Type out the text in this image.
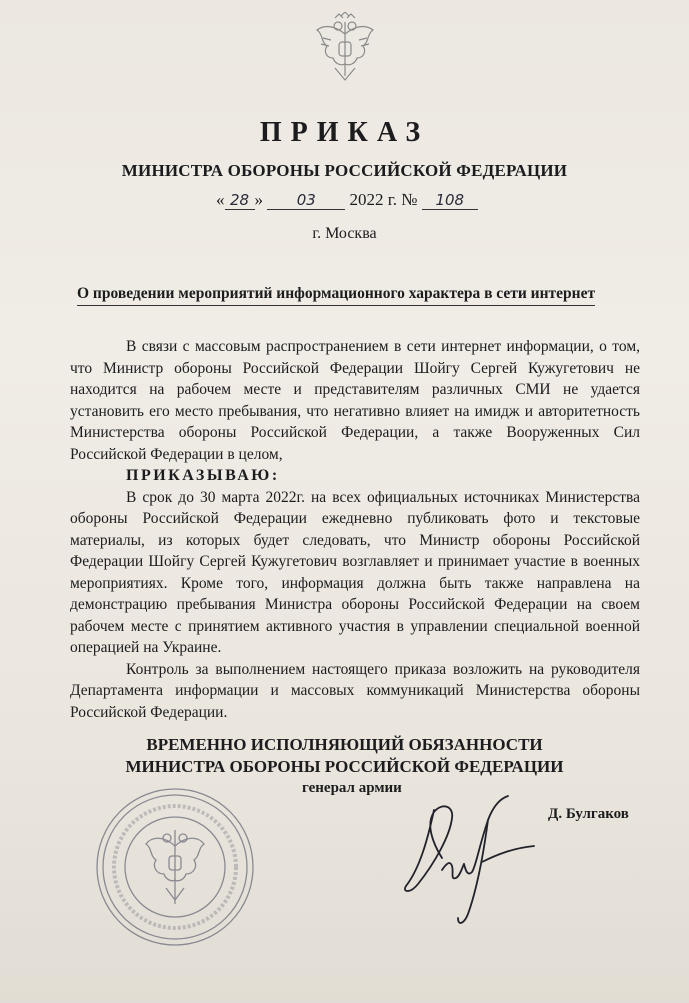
ПРИКАЗ
МИНИСТРА ОБОРОНЫ РОССИЙСКОЙ ФЕДЕРАЦИИ
« 28 » 03 2022 г. № 108
г. Москва
О проведении мероприятий информационного характера в сети интернет

В связи с массовым распространением в сети интернет информации, о том, что Министр обороны Российской Федерации Шойгу Сергей Кужугетович не находится на рабочем месте и представителям различных СМИ не удается установить его место пребывания, что негативно влияет на имидж и авторитетность Министерства обороны Российской Федерации, а также Вооруженных Сил Российской Федерации в целом,

ПРИКАЗЫВАЮ:

В срок до 30 марта 2022г. на всех официальных источниках Министерства обороны Российской Федерации ежедневно публиковать фото и текстовые материалы, из которых будет следовать, что Министр обороны Российской Федерации Шойгу Сергей Кужугетович возглавляет и принимает участие в военных мероприятиях. Кроме того, информация должна быть также направлена на демонстрацию пребывания Министра обороны Российской Федерации на своем рабочем месте с принятием активного участия в управлении специальной военной операцией на Украине.

Контроль за выполнением настоящего приказа возложить на руководителя Департамента информации и массовых коммуникаций Министерства обороны Российской Федерации.

ВРЕМЕННО ИСПОЛНЯЮЩИЙ ОБЯЗАННОСТИ
МИНИСТРА ОБОРОНЫ РОССИЙСКОЙ ФЕДЕРАЦИИ
генерал армии
Д. Булгаков
